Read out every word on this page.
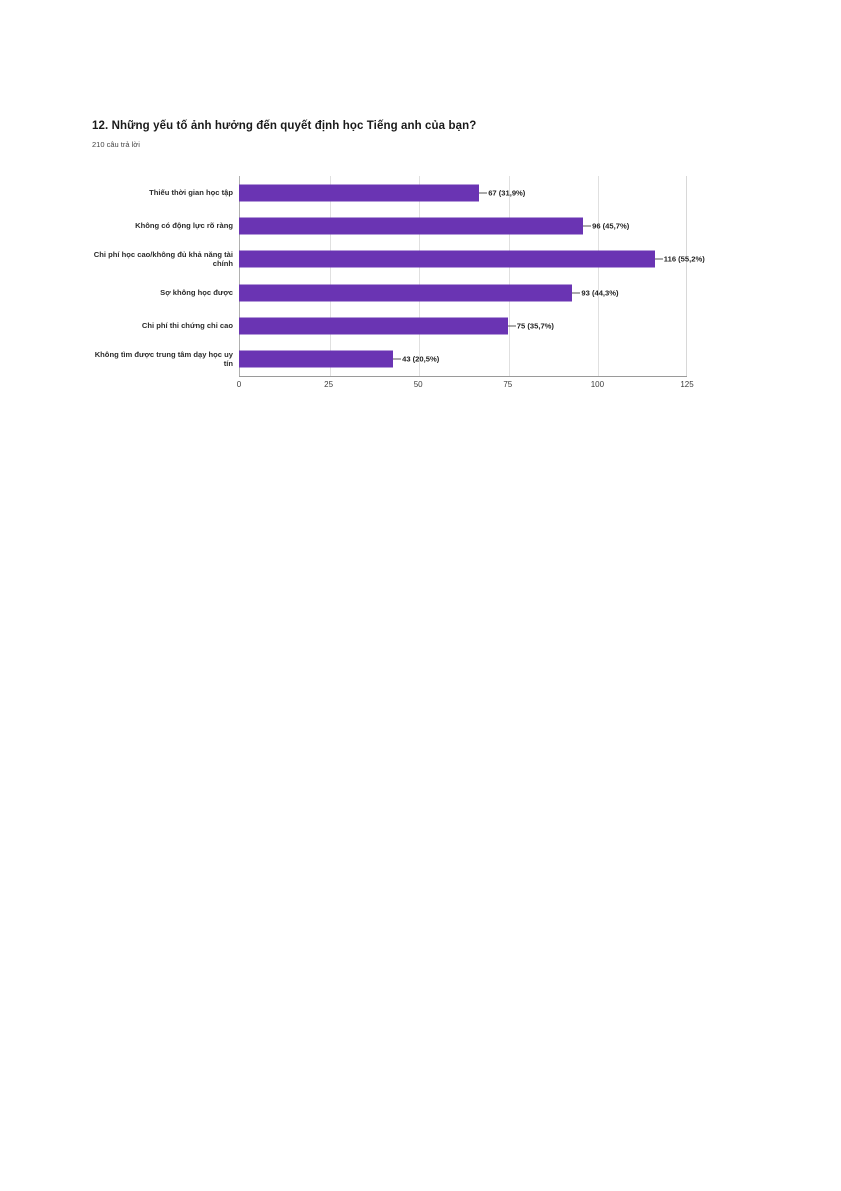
12. Những yếu tố ảnh hưởng đến quyết định học Tiếng anh của bạn?
210 câu trả lời
Thiếu thời gian học tập	67 (31,9%)
Không có động lực rõ ràng	96 (45,7%)
Chi phí học cao/không đủ khả năng tài chính	116 (55,2%)
Sợ không học được	93 (44,3%)
Chi phí thi chứng chỉ cao	75 (35,7%)
Không tìm được trung tâm dạy học uy tín	43 (20,5%)
0	25	50	75	100	125
